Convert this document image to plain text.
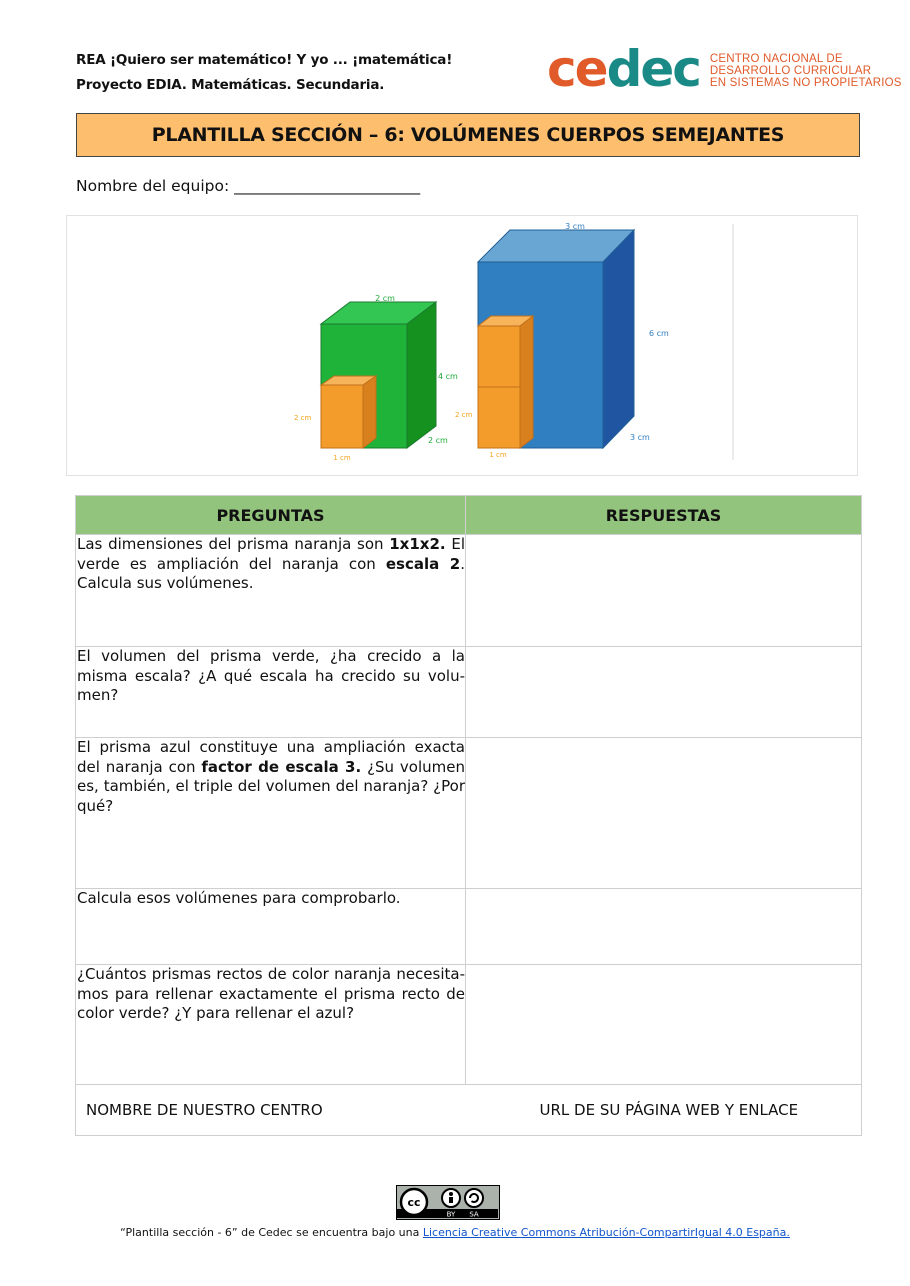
REA ¡Quiero ser matemático! Y yo ... ¡matemática!
Proyecto EDIA. Matemáticas. Secundaria.	ce dec CENTRO NACIONAL DE
DESARROLLO CURRICULAR
EN SISTEMAS NO PROPIETARIOS
PLANTILLA SECCIÓN – 6: VOLÚMENES CUERPOS SEMEJANTES
Nombre del equipo: ________________________
2 cm
4 cm
2 cm
2 cm
1 cm
3 cm
6 cm
3 cm
2 cm
1 cm
PREGUNTAS	RESPUESTAS

Las dimensiones del prisma naranja son 1x1x2. El verde es ampliación del naranja con escala 2. Calcula sus volúmenes.	

El volumen del prisma verde, ¿ha crecido a la misma escala? ¿A qué escala ha crecido su volu-men?	

El prisma azul constituye una ampliación exacta del naranja con factor de escala 3. ¿Su volumen es, también, el triple del volumen del naranja? ¿Por qué?	

Calcula esos volúmenes para comprobarlo.	

¿Cuántos prismas rectos de color naranja necesita-mos para rellenar exactamente el prisma recto de color verde? ¿Y para rellenar el azul?	

NOMBRE DE NUESTRO CENTRO	URL DE SU PÁGINA WEB Y ENLACE
cc
BY SA
“Plantilla sección - 6” de Cedec se encuentra bajo una Licencia Creative Commons Atribución-CompartirIgual 4.0 España.
